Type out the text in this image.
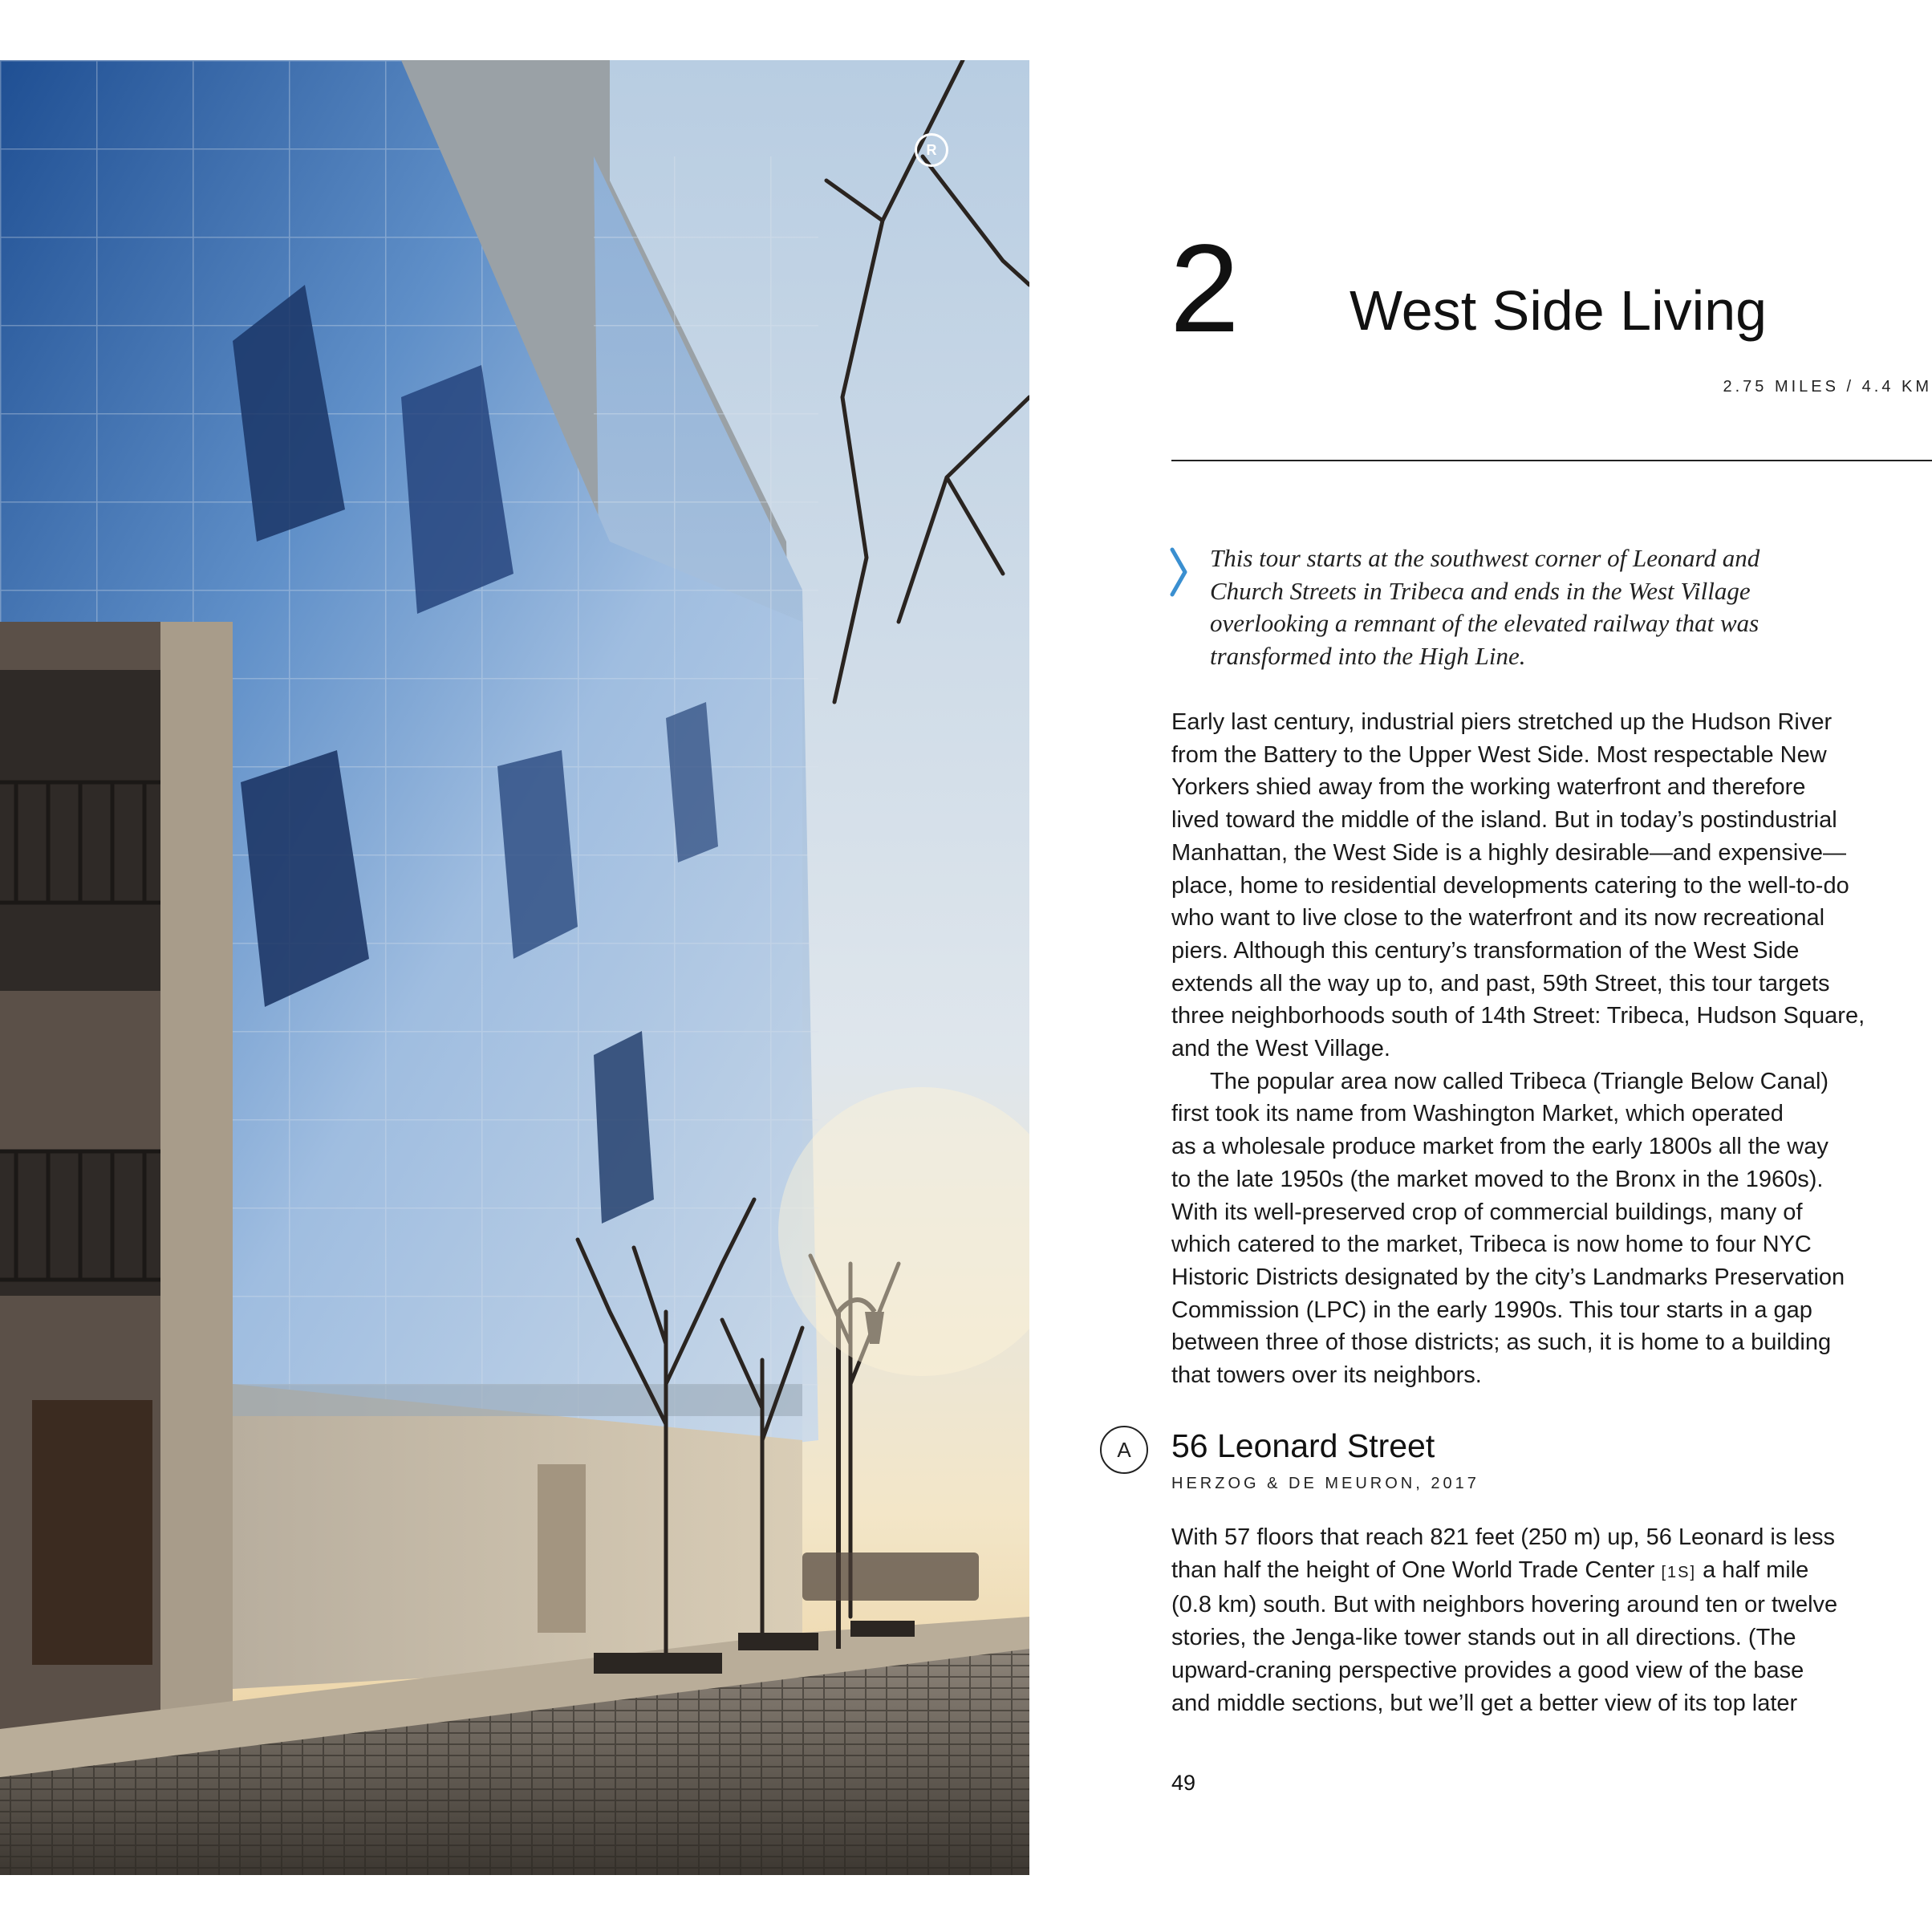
R
2 West Side Living
2.75 MILES / 4.4 KM

This tour starts at the southwest corner of Leonard and

Church Streets in Tribeca and ends in the West Village

overlooking a remnant of the elevated railway that was

transformed into the High Line.

Early last century, industrial piers stretched up the Hudson River
from the Battery to the Upper West Side. Most respectable New
Yorkers shied away from the working waterfront and therefore
lived toward the middle of the island. But in today’s postindustrial
Manhattan, the West Side is a highly desirable—and expensive—
place, home to residential developments catering to the well-to-do
who want to live close to the waterfront and its now recreational
piers. Although this century’s transformation of the West Side
extends all the way up to, and past, 59th Street, this tour targets
three neighborhoods south of 14th Street: Tribeca, Hudson Square,
and the West Village.
The popular area now called Tribeca (Triangle Below Canal)
first took its name from Washington Market, which operated
as a wholesale produce market from the early 1800s all the way
to the late 1950s (the market moved to the Bronx in the 1960s).
With its well-preserved crop of commercial buildings, many of
which catered to the market, Tribeca is now home to four NYC
Historic Districts designated by the city’s Landmarks Preservation
Commission (LPC) in the early 1990s. This tour starts in a gap
between three of those districts; as such, it is home to a building
that towers over its neighbors.
A	56 Leonard Street
HERZOG & DE MEURON, 2017
With 57 floors that reach 821 feet (250 m) up, 56 Leonard is less
than half the height of One World Trade Center [1S] a half mile
(0.8 km) south. But with neighbors hovering around ten or twelve
stories, the Jenga-like tower stands out in all directions. (The
upward-craning perspective provides a good view of the base
and middle sections, but we’ll get a better view of its top later
49
